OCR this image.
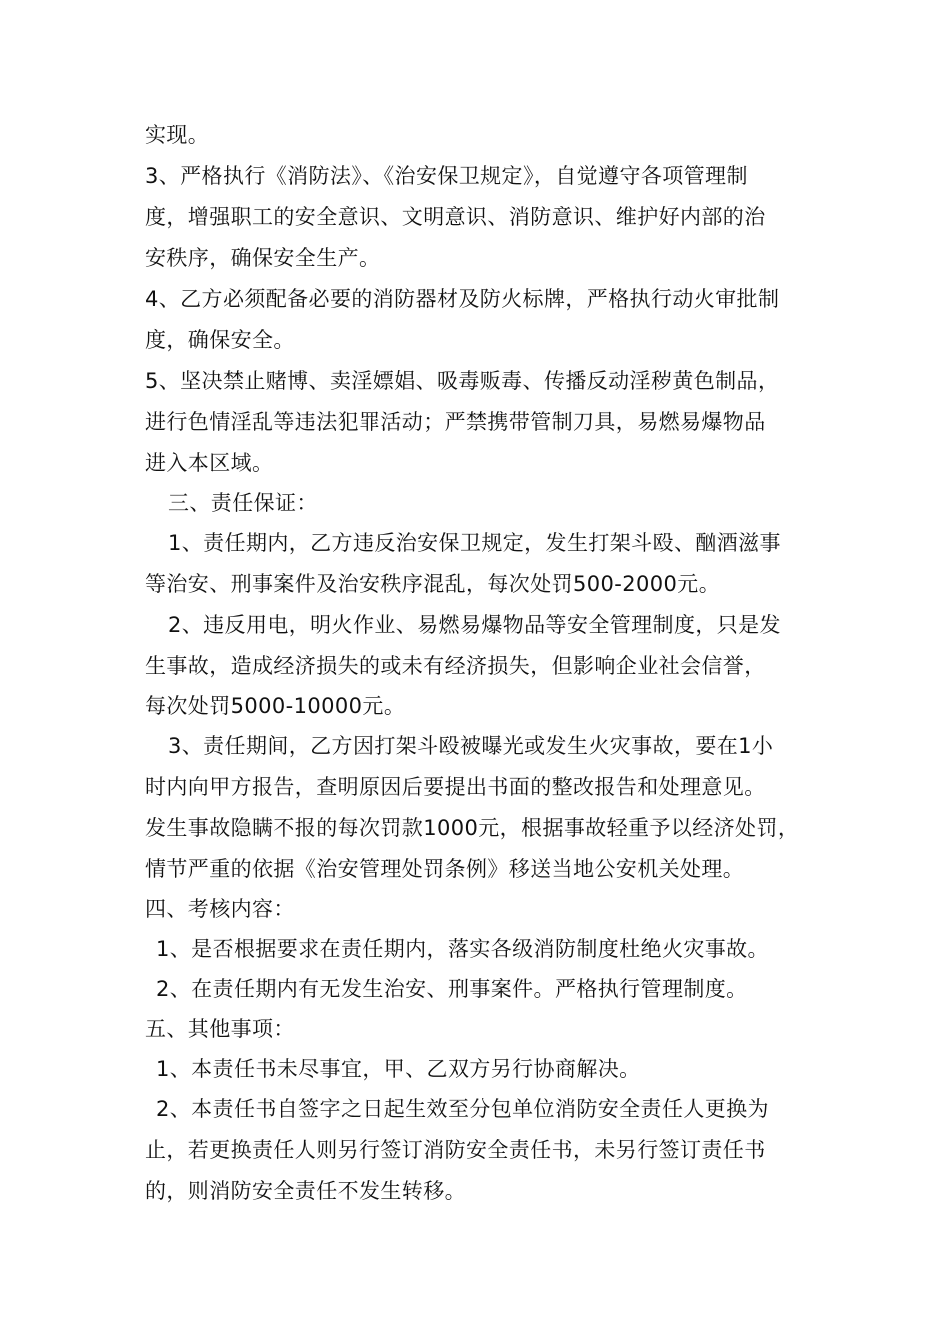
实现。
3、严格执行《消防法》、《治安保卫规定》，自觉遵守各项管理制
度，增强职工的安全意识、文明意识、消防意识、维护好内部的治
安秩序，确保安全生产。
4、乙方必须配备必要的消防器材及防火标牌，严格执行动火审批制
度，确保安全。
5、坚决禁止赌博、卖淫嫖娼、吸毒贩毒、传播反动淫秽黄色制品，
进行色情淫乱等违法犯罪活动；严禁携带管制刀具，易燃易爆物品
进入本区域。
三、责任保证：
1、责任期内，乙方违反治安保卫规定，发生打架斗殴、酗酒滋事
等治安、刑事案件及治安秩序混乱，每次处罚500-2000元。
2、违反用电，明火作业、易燃易爆物品等安全管理制度，只是发
生事故，造成经济损失的或未有经济损失，但影响企业社会信誉，
每次处罚5000-10000元。
3、责任期间，乙方因打架斗殴被曝光或发生火灾事故，要在1小
时内向甲方报告，查明原因后要提出书面的整改报告和处理意见。
发生事故隐瞒不报的每次罚款1000元，根据事故轻重予以经济处罚，
情节严重的依据《治安管理处罚条例》移送当地公安机关处理。
四、考核内容：
1、是否根据要求在责任期内，落实各级消防制度杜绝火灾事故。
2、在责任期内有无发生治安、刑事案件。严格执行管理制度。
五、其他事项：
1、本责任书未尽事宜，甲、乙双方另行协商解决。
2、本责任书自签字之日起生效至分包单位消防安全责任人更换为
止，若更换责任人则另行签订消防安全责任书，未另行签订责任书
的，则消防安全责任不发生转移。
